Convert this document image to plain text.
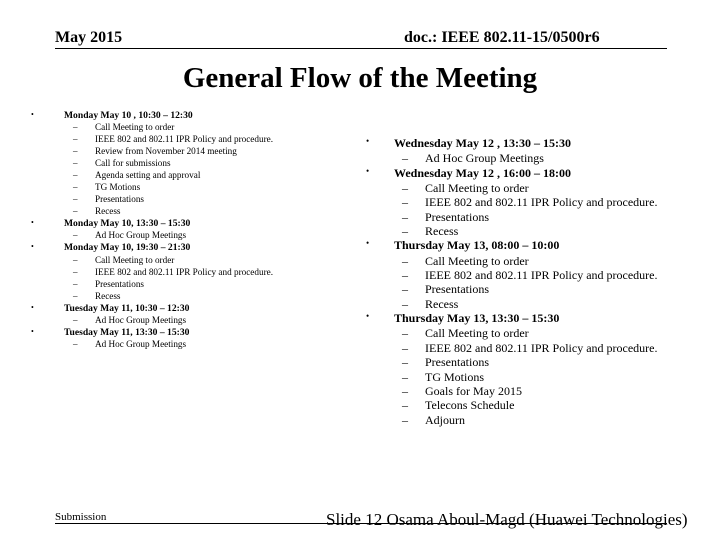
May 2015	doc.: IEEE 802.11-15/0500r6
General Flow of the Meeting
•	Monday May 10 , 10:30 – 12:30
– Call Meeting to order
– IEEE 802 and 802.11 IPR Policy and procedure.
– Review from November 2014 meeting
– Call for submissions
– Agenda setting and approval
– TG Motions
– Presentations
– Recess
•	Monday May 10, 13:30 – 15:30
– Ad Hoc Group Meetings
•	Monday May 10, 19:30 – 21:30
– Call Meeting to order
– IEEE 802 and 802.11 IPR Policy and procedure.
– Presentations
– Recess
•	Tuesday May 11, 10:30 – 12:30
– Ad Hoc Group Meetings
•	Tuesday May 11, 13:30 – 15:30
– Ad Hoc Group Meetings
• Wednesday May 12 , 13:30 – 15:30
– Ad Hoc Group Meetings
• Wednesday May 12 , 16:00 – 18:00
– Call Meeting to order
– IEEE 802 and 802.11 IPR Policy and procedure.
– Presentations
– Recess
• Thursday May 13, 08:00 – 10:00
– Call Meeting to order
– IEEE 802 and 802.11 IPR Policy and procedure.
– Presentations
– Recess
• Thursday May 13, 13:30 – 15:30
– Call Meeting to order
– IEEE 802 and 802.11 IPR Policy and procedure.
– Presentations
– TG Motions
– Goals for May 2015
– Telecons Schedule
– Adjourn
Submission	Slide 12 Osama Aboul-Magd (Huawei Technologies)
